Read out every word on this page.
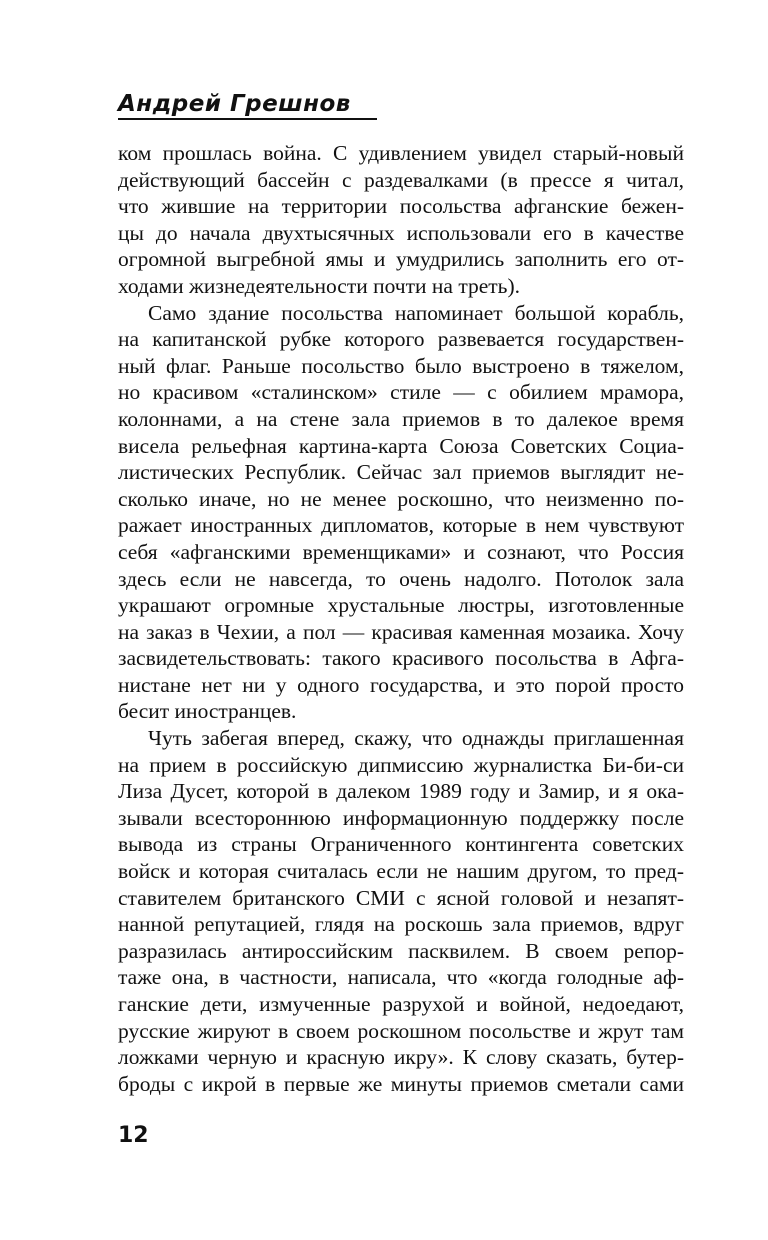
Андрей Грешнов
ком прошлась война. С удивлением увидел старый-новый
действующий бассейн с раздевалками (в прессе я читал,
что жившие на территории посольства афганские бежен-
цы до начала двухтысячных использовали его в качестве
огромной выгребной ямы и умудрились заполнить его от-
ходами жизнедеятельности почти на треть).
Само здание посольства напоминает большой корабль,
на капитанской рубке которого развевается государствен-
ный флаг. Раньше посольство было выстроено в тяжелом,
но красивом «сталинском» стиле — с обилием мрамора,
колоннами, а на стене зала приемов в то далекое время
висела рельефная картина-карта Союза Советских Социа-
листических Республик. Сейчас зал приемов выглядит не-
сколько иначе, но не менее роскошно, что неизменно по-
ражает иностранных дипломатов, которые в нем чувствуют
себя «афганскими временщиками» и сознают, что Россия
здесь если не навсегда, то очень надолго. Потолок зала
украшают огромные хрустальные люстры, изготовленные
на заказ в Чехии, а пол — красивая каменная мозаика. Хочу
засвидетельствовать: такого красивого посольства в Афга-
нистане нет ни у одного государства, и это порой просто
бесит иностранцев.
Чуть забегая вперед, скажу, что однажды приглашенная
на прием в российскую дипмиссию журналистка Би-би-си
Лиза Дусет, которой в далеком 1989 году и Замир, и я ока-
зывали всестороннюю информационную поддержку после
вывода из страны Ограниченного контингента советских
войск и которая считалась если не нашим другом, то пред-
ставителем британского СМИ с ясной головой и незапят-
нанной репутацией, глядя на роскошь зала приемов, вдруг
разразилась антироссийским пасквилем. В своем репор-
таже она, в частности, написала, что «когда голодные аф-
ганские дети, измученные разрухой и войной, недоедают,
русские жируют в своем роскошном посольстве и жрут там
ложками черную и красную икру». К слову сказать, бутер-
броды с икрой в первые же минуты приемов сметали сами
12
